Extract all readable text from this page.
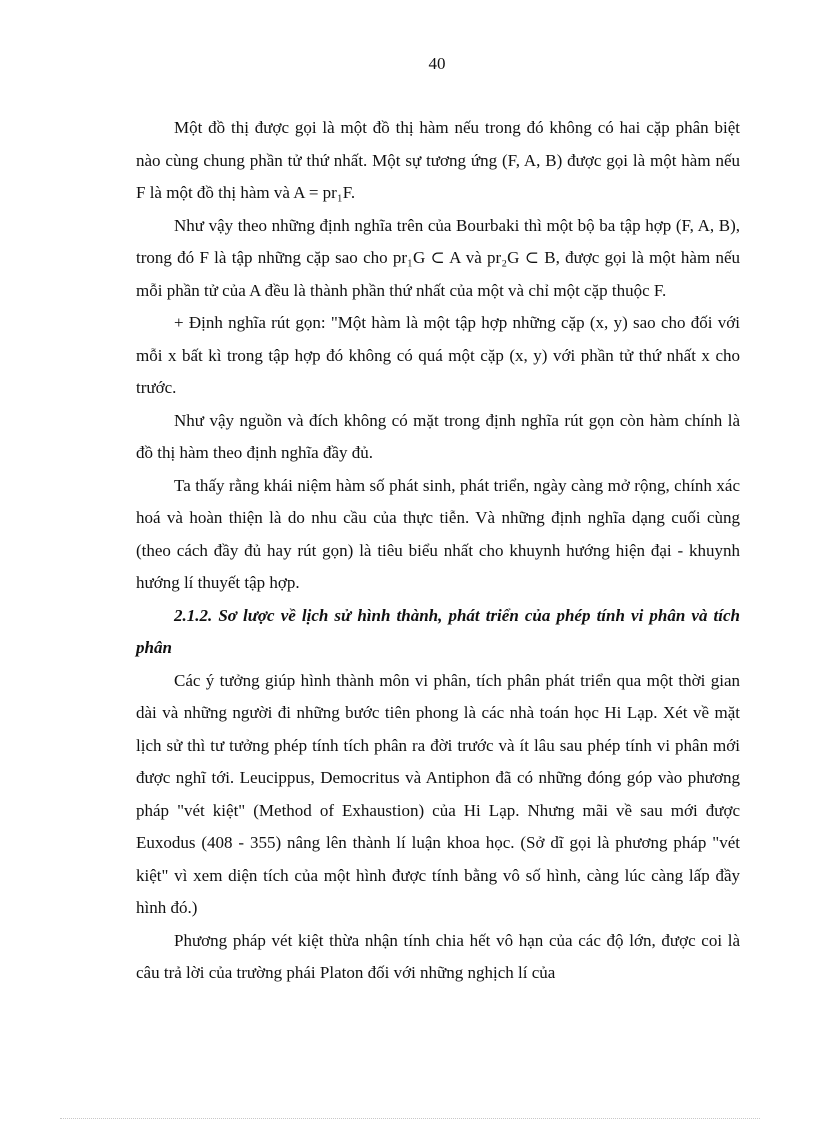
40

Một đồ thị được gọi là một đồ thị hàm nếu trong đó không có hai cặp phân biệt nào cùng chung phần tử thứ nhất. Một sự tương ứng (F, A, B) được gọi là một hàm nếu F là một đồ thị hàm và A = pr₁F.

Như vậy theo những định nghĩa trên của Bourbaki thì một bộ ba tập hợp (F, A, B), trong đó F là tập những cặp sao cho pr₁G ⊂ A và pr₂G ⊂ B, được gọi là một hàm nếu mỗi phần tử của A đều là thành phần thứ nhất của một và chỉ một cặp thuộc F.

+ Định nghĩa rút gọn: "Một hàm là một tập hợp những cặp (x, y) sao cho đối với mỗi x bất kì trong tập hợp đó không có quá một cặp (x, y) với phần tử thứ nhất x cho trước.

Như vậy nguồn và đích không có mặt trong định nghĩa rút gọn còn hàm chính là đồ thị hàm theo định nghĩa đầy đủ.

Ta thấy rằng khái niệm hàm số phát sinh, phát triển, ngày càng mở rộng, chính xác hoá và hoàn thiện là do nhu cầu của thực tiễn. Và những định nghĩa dạng cuối cùng (theo cách đầy đủ hay rút gọn) là tiêu biểu nhất cho khuynh hướng hiện đại - khuynh hướng lí thuyết tập hợp.

2.1.2. Sơ lược về lịch sử hình thành, phát triển của phép tính vi phân và tích phân

Các ý tưởng giúp hình thành môn vi phân, tích phân phát triển qua một thời gian dài và những người đi những bước tiên phong là các nhà toán học Hi Lạp. Xét về mặt lịch sử thì tư tưởng phép tính tích phân ra đời trước và ít lâu sau phép tính vi phân mới được nghĩ tới. Leucippus, Democritus và Antiphon đã có những đóng góp vào phương pháp "vét kiệt" (Method of Exhaustion) của Hi Lạp. Nhưng mãi về sau mới được Euxodus (408 - 355) nâng lên thành lí luận khoa học. (Sở dĩ gọi là phương pháp "vét kiệt" vì xem diện tích của một hình được tính bằng vô số hình, càng lúc càng lấp đầy hình đó.)

Phương pháp vét kiệt thừa nhận tính chia hết vô hạn của các độ lớn, được coi là câu trả lời của trường phái Platon đối với những nghịch lí của
